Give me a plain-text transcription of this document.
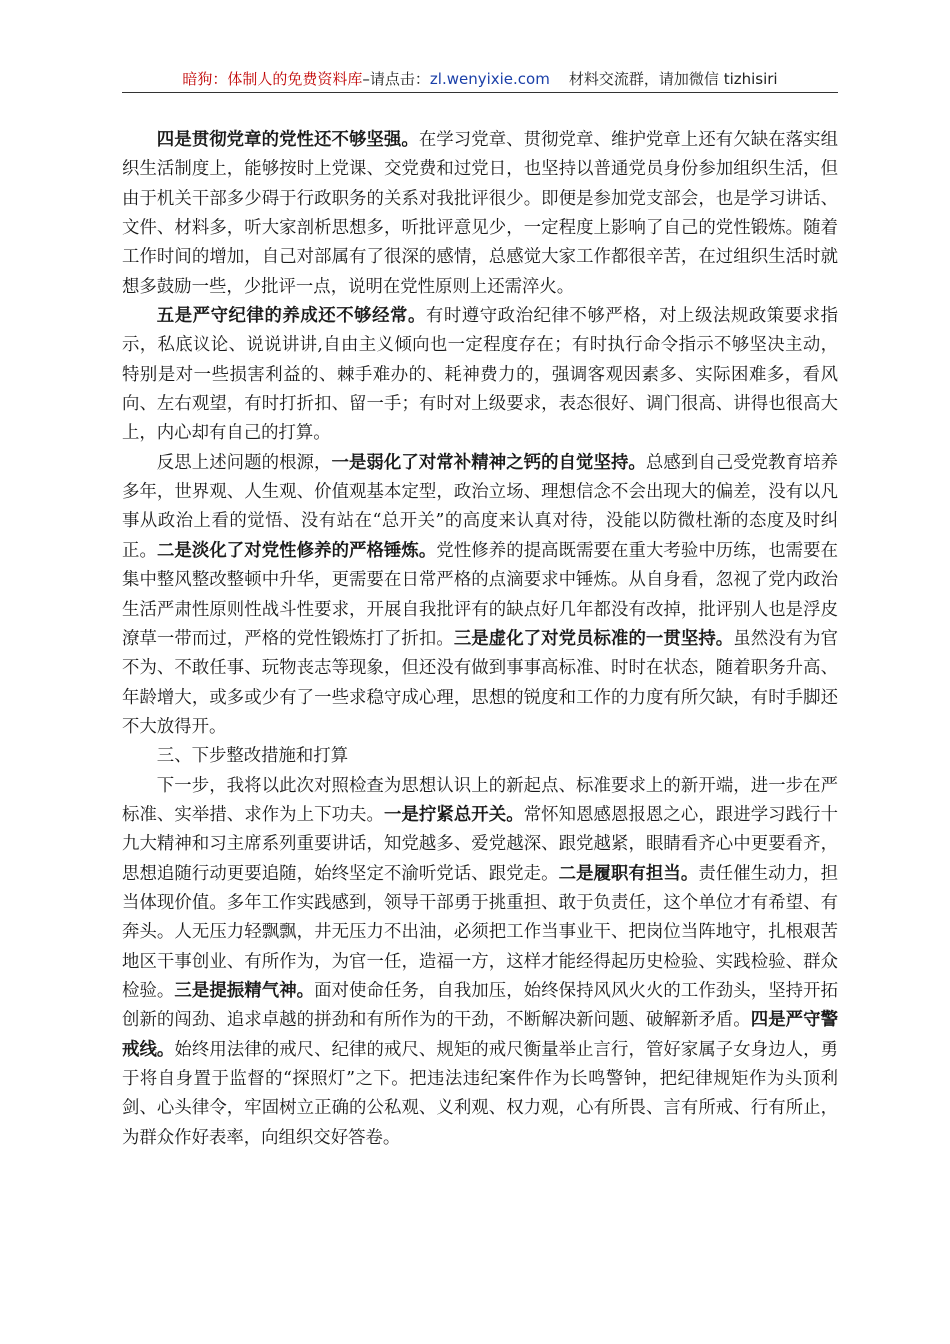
暗狗：体制人的免费资料库–请点击：zl.wenyixie.com 材料交流群，请加微信 tizhisiri

四是贯彻党章的党性还不够坚强。在学习党章、贯彻党章、维护党章上还有欠缺在落实组织生活制度上，能够按时上党课、交党费和过党日，也坚持以普通党员身份参加组织生活，但由于机关干部多少碍于行政职务的关系对我批评很少。即便是参加党支部会，也是学习讲话、文件、材料多，听大家剖析思想多，听批评意见少，一定程度上影响了自己的党性锻炼。随着工作时间的增加，自己对部属有了很深的感情，总感觉大家工作都很辛苦，在过组织生活时就想多鼓励一些，少批评一点，说明在党性原则上还需淬火。

五是严守纪律的养成还不够经常。有时遵守政治纪律不够严格，对上级法规政策要求指示，私底议论、说说讲讲,自由主义倾向也一定程度存在；有时执行命令指示不够坚决主动，特别是对一些损害利益的、棘手难办的、耗神费力的，强调客观因素多、实际困难多，看风向、左右观望，有时打折扣、留一手；有时对上级要求，表态很好、调门很高、讲得也很高大上，内心却有自己的打算。

反思上述问题的根源，一是弱化了对常补精神之钙的自觉坚持。总感到自己受党教育培养多年，世界观、人生观、价值观基本定型，政治立场、理想信念不会出现大的偏差，没有以凡事从政治上看的觉悟、没有站在“总开关”的高度来认真对待，没能以防微杜渐的态度及时纠正。二是淡化了对党性修养的严格锤炼。党性修养的提高既需要在重大考验中历练，也需要在集中整风整改整顿中升华，更需要在日常严格的点滴要求中锤炼。从自身看，忽视了党内政治生活严肃性原则性战斗性要求，开展自我批评有的缺点好几年都没有改掉，批评别人也是浮皮潦草一带而过，严格的党性锻炼打了折扣。三是虚化了对党员标准的一贯坚持。虽然没有为官不为、不敢任事、玩物丧志等现象，但还没有做到事事高标准、时时在状态，随着职务升高、年龄增大，或多或少有了一些求稳守成心理，思想的锐度和工作的力度有所欠缺，有时手脚还不大放得开。

三、下步整改措施和打算

下一步，我将以此次对照检查为思想认识上的新起点、标准要求上的新开端，进一步在严标准、实举措、求作为上下功夫。一是拧紧总开关。常怀知恩感恩报恩之心，跟进学习践行十九大精神和习主席系列重要讲话，知党越多、爱党越深、跟党越紧，眼睛看齐心中更要看齐，思想追随行动更要追随，始终坚定不渝听党话、跟党走。二是履职有担当。责任催生动力，担当体现价值。多年工作实践感到，领导干部勇于挑重担、敢于负责任，这个单位才有希望、有奔头。人无压力轻飘飘，井无压力不出油，必须把工作当事业干、把岗位当阵地守，扎根艰苦地区干事创业、有所作为，为官一任，造福一方，这样才能经得起历史检验、实践检验、群众检验。三是提振精气神。面对使命任务，自我加压，始终保持风风火火的工作劲头，坚持开拓创新的闯劲、追求卓越的拼劲和有所作为的干劲，不断解决新问题、破解新矛盾。四是严守警戒线。始终用法律的戒尺、纪律的戒尺、规矩的戒尺衡量举止言行，管好家属子女身边人，勇于将自身置于监督的“探照灯”之下。把违法违纪案件作为长鸣警钟，把纪律规矩作为头顶利剑、心头律令，牢固树立正确的公私观、义利观、权力观，心有所畏、言有所戒、行有所止，为群众作好表率，向组织交好答卷。
